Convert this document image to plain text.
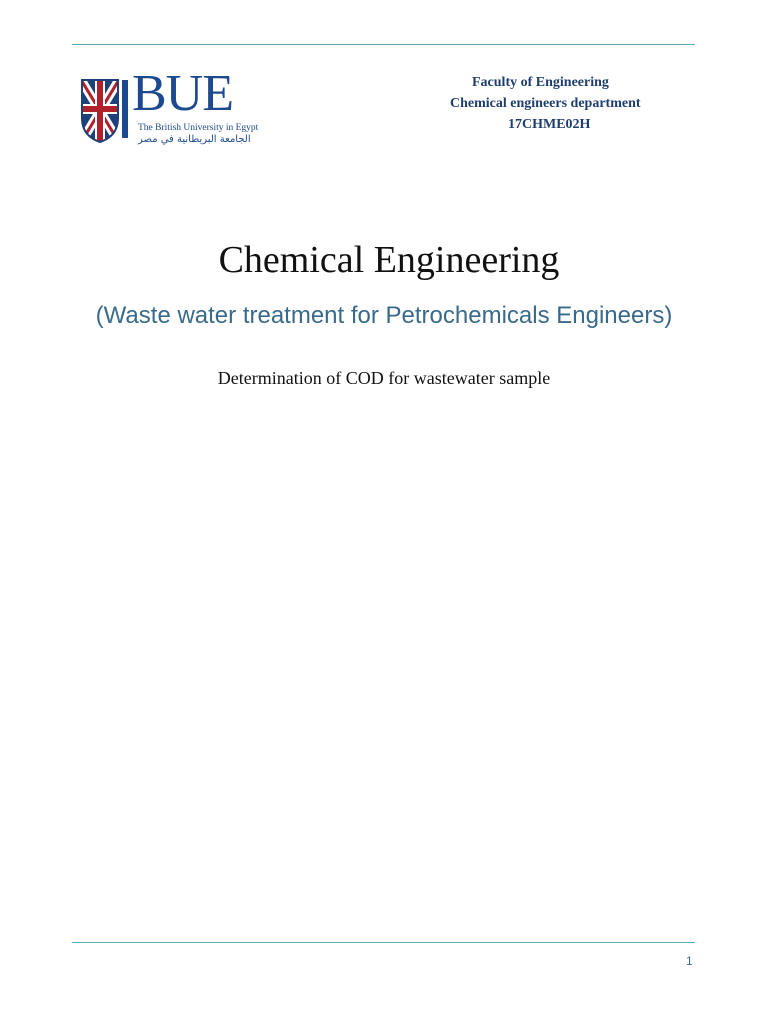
BUE
The British University in Egypt
الجامعة البريطانية في مصر
Faculty of Engineering
Chemical engineers department
17CHME02H
Chemical Engineering
(Waste water treatment for Petrochemicals Engineers)
Determination of COD for wastewater sample
1
